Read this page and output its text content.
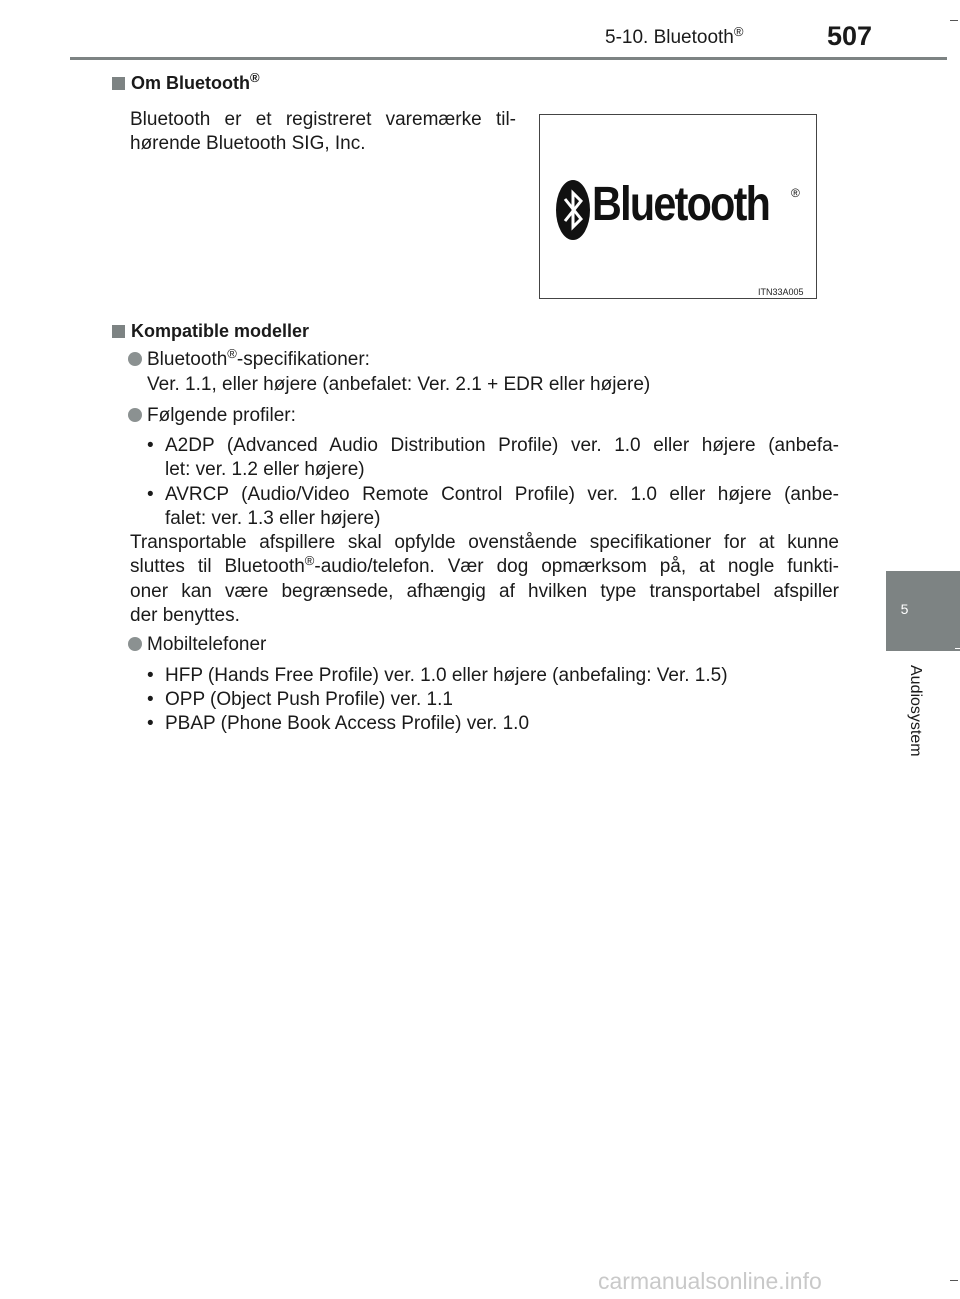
5-10. Bluetooth®	507
5
Audiosystem
Om Bluetooth®
Bluetooth er et registreret varemærke til-
hørende Bluetooth SIG, Inc.
Bluetooth ®
ITN33A005
Kompatible modeller
Bluetooth®-specifikationer:
Ver. 1.1, eller højere (anbefalet: Ver. 2.1 + EDR eller højere)
Følgende profiler:
• A2DP (Advanced Audio Distribution Profile) ver. 1.0 eller højere (anbefa-
let: ver. 1.2 eller højere)
• AVRCP (Audio/Video Remote Control Profile) ver. 1.0 eller højere (anbe-
falet: ver. 1.3 eller højere)
Transportable afspillere skal opfylde ovenstående specifikationer for at kunne
sluttes til Bluetooth®-audio/telefon. Vær dog opmærksom på, at nogle funkti-
oner kan være begrænsede, afhængig af hvilken type transportabel afspiller
der benyttes.
Mobiltelefoner
• HFP (Hands Free Profile) ver. 1.0 eller højere (anbefaling: Ver. 1.5)
• OPP (Object Push Profile) ver. 1.1
• PBAP (Phone Book Access Profile) ver. 1.0
carmanualsonline.info
